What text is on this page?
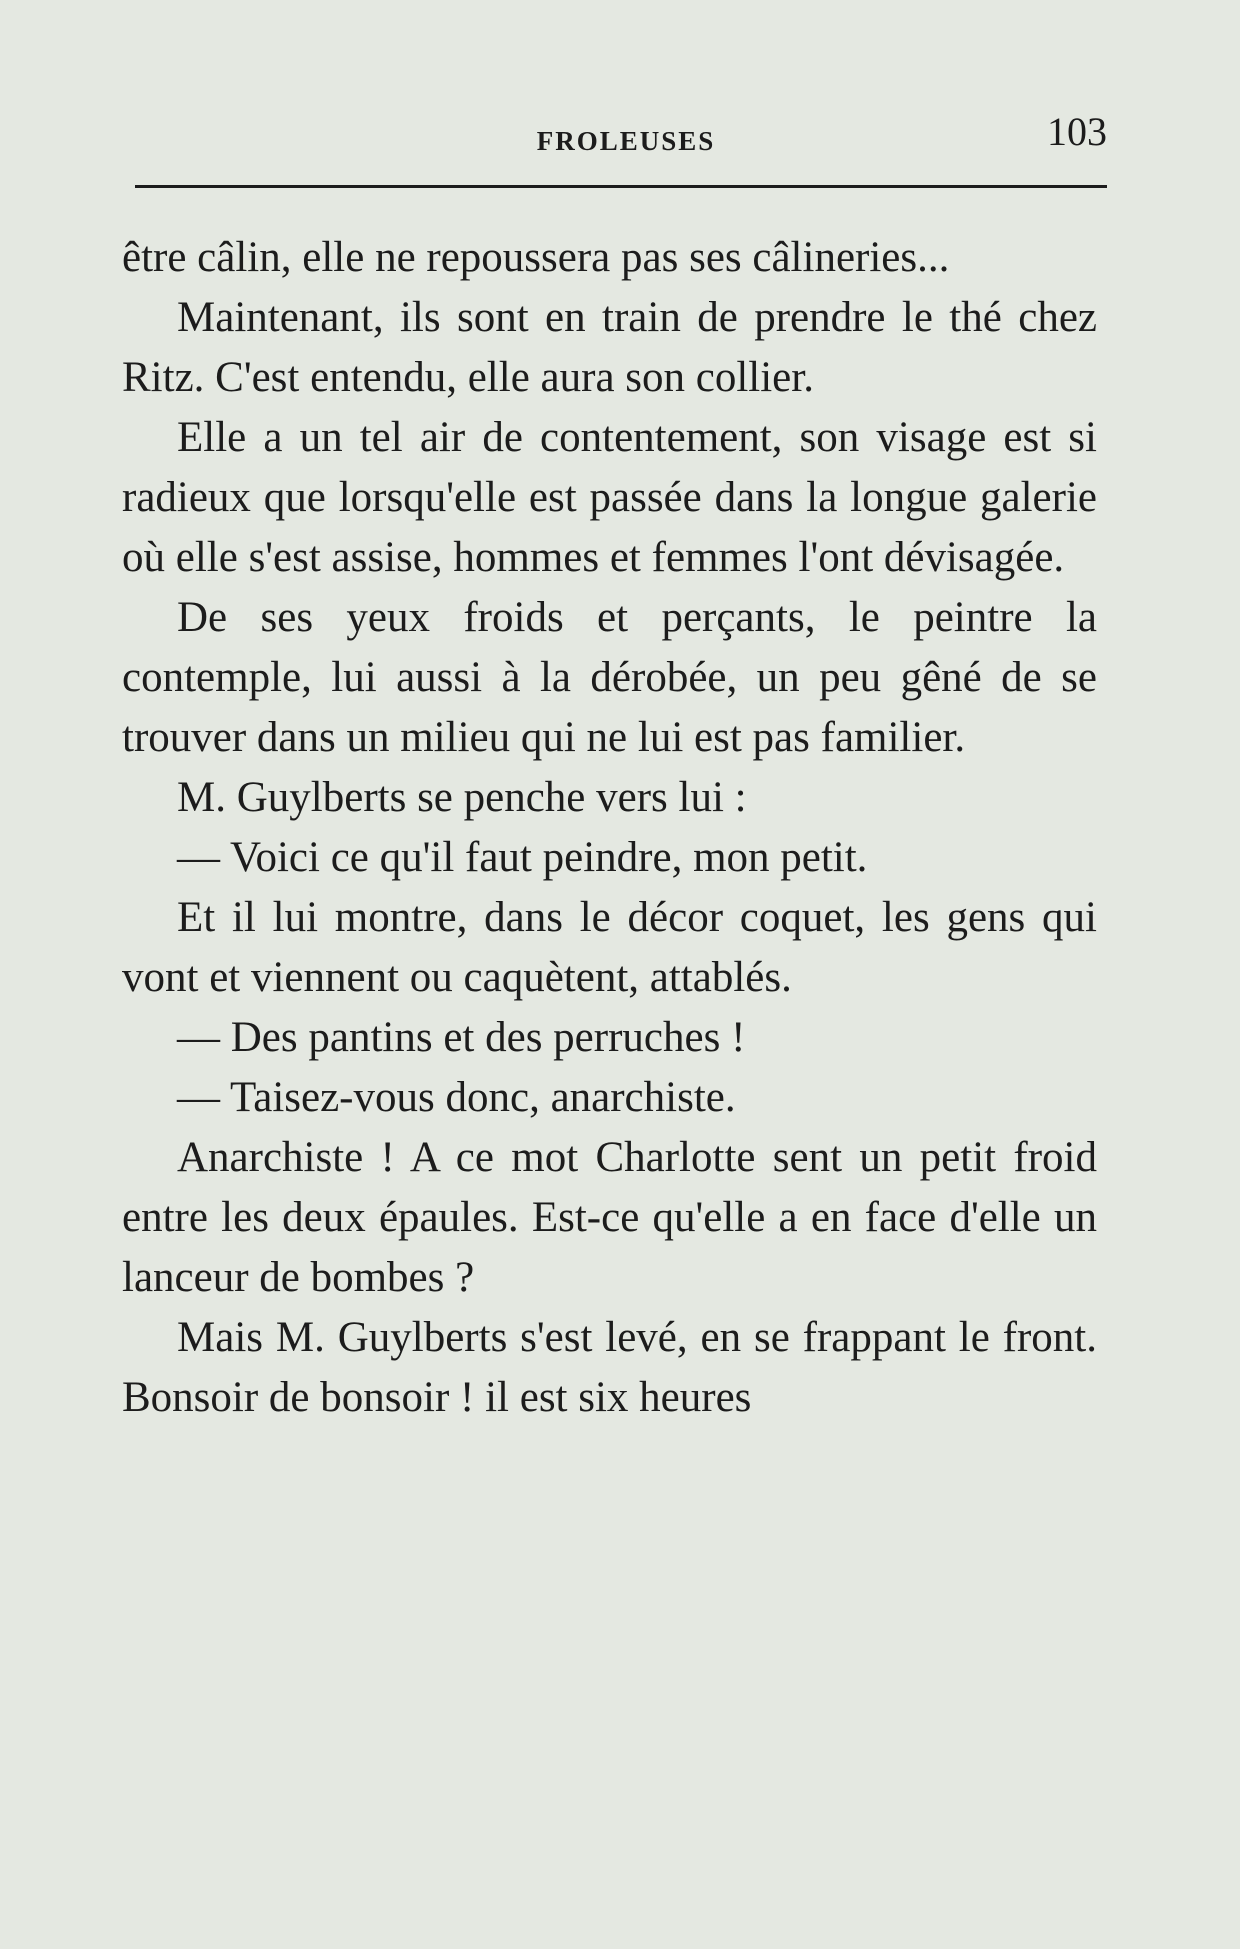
FROLEUSES	103

être câlin, elle ne repoussera pas ses câlineries...

Maintenant, ils sont en train de prendre le thé chez Ritz. C'est entendu, elle aura son collier.

Elle a un tel air de contentement, son visage est si radieux que lorsqu'elle est passée dans la longue galerie où elle s'est assise, hommes et femmes l'ont dévisagée.

De ses yeux froids et perçants, le peintre la contemple, lui aussi à la dérobée, un peu gêné de se trouver dans un milieu qui ne lui est pas familier.

M. Guylberts se penche vers lui :

— Voici ce qu'il faut peindre, mon petit.

Et il lui montre, dans le décor coquet, les gens qui vont et viennent ou caquètent, attablés.

— Des pantins et des perruches !

— Taisez-vous donc, anarchiste.

Anarchiste ! A ce mot Charlotte sent un petit froid entre les deux épaules. Est-ce qu'elle a en face d'elle un lanceur de bombes ?

Mais M. Guylberts s'est levé, en se frappant le front. Bonsoir de bonsoir ! il est six heures
